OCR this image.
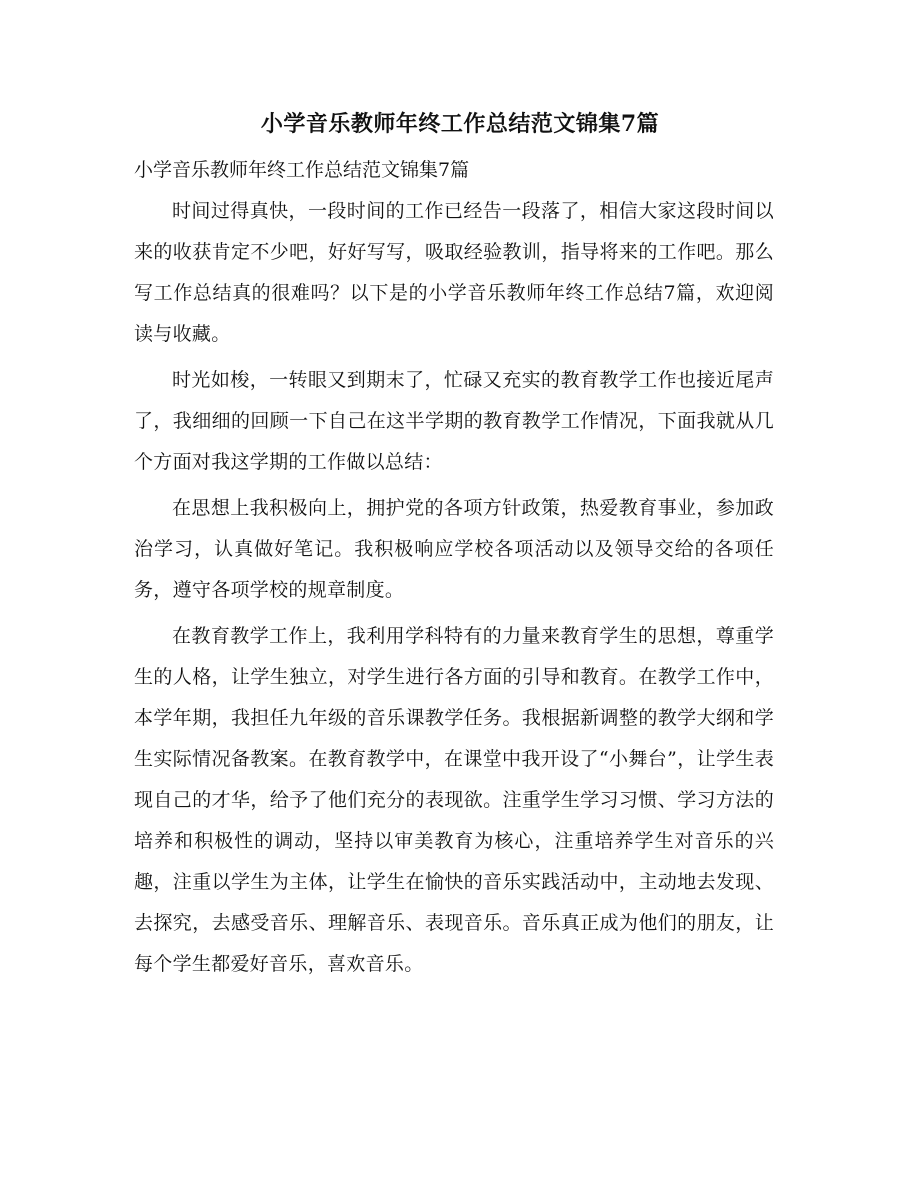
小学音乐教师年终工作总结范文锦集7篇
小学音乐教师年终工作总结范文锦集7篇

时间过得真快，一段时间的工作已经告一段落了，相信大家这段时间以来的收获肯定不少吧，好好写写，吸取经验教训，指导将来的工作吧。那么写工作总结真的很难吗？以下是的小学音乐教师年终工作总结7篇，欢迎阅读与收藏。

时光如梭，一转眼又到期末了，忙碌又充实的教育教学工作也接近尾声了，我细细的回顾一下自己在这半学期的教育教学工作情况，下面我就从几个方面对我这学期的工作做以总结：

在思想上我积极向上，拥护党的各项方针政策，热爱教育事业，参加政治学习，认真做好笔记。我积极响应学校各项活动以及领导交给的各项任务，遵守各项学校的规章制度。

在教育教学工作上，我利用学科特有的力量来教育学生的思想，尊重学生的人格，让学生独立，对学生进行各方面的引导和教育。在教学工作中，本学年期，我担任九年级的音乐课教学任务。我根据新调整的教学大纲和学生实际情况备教案。在教育教学中，在课堂中我开设了“小舞台”，让学生表现自己的才华，给予了他们充分的表现欲。注重学生学习习惯、学习方法的培养和积极性的调动，坚持以审美教育为核心，注重培养学生对音乐的兴趣，注重以学生为主体，让学生在愉快的音乐实践活动中，主动地去发现、去探究，去感受音乐、理解音乐、表现音乐。音乐真正成为他们的朋友，让每个学生都爱好音乐，喜欢音乐。
